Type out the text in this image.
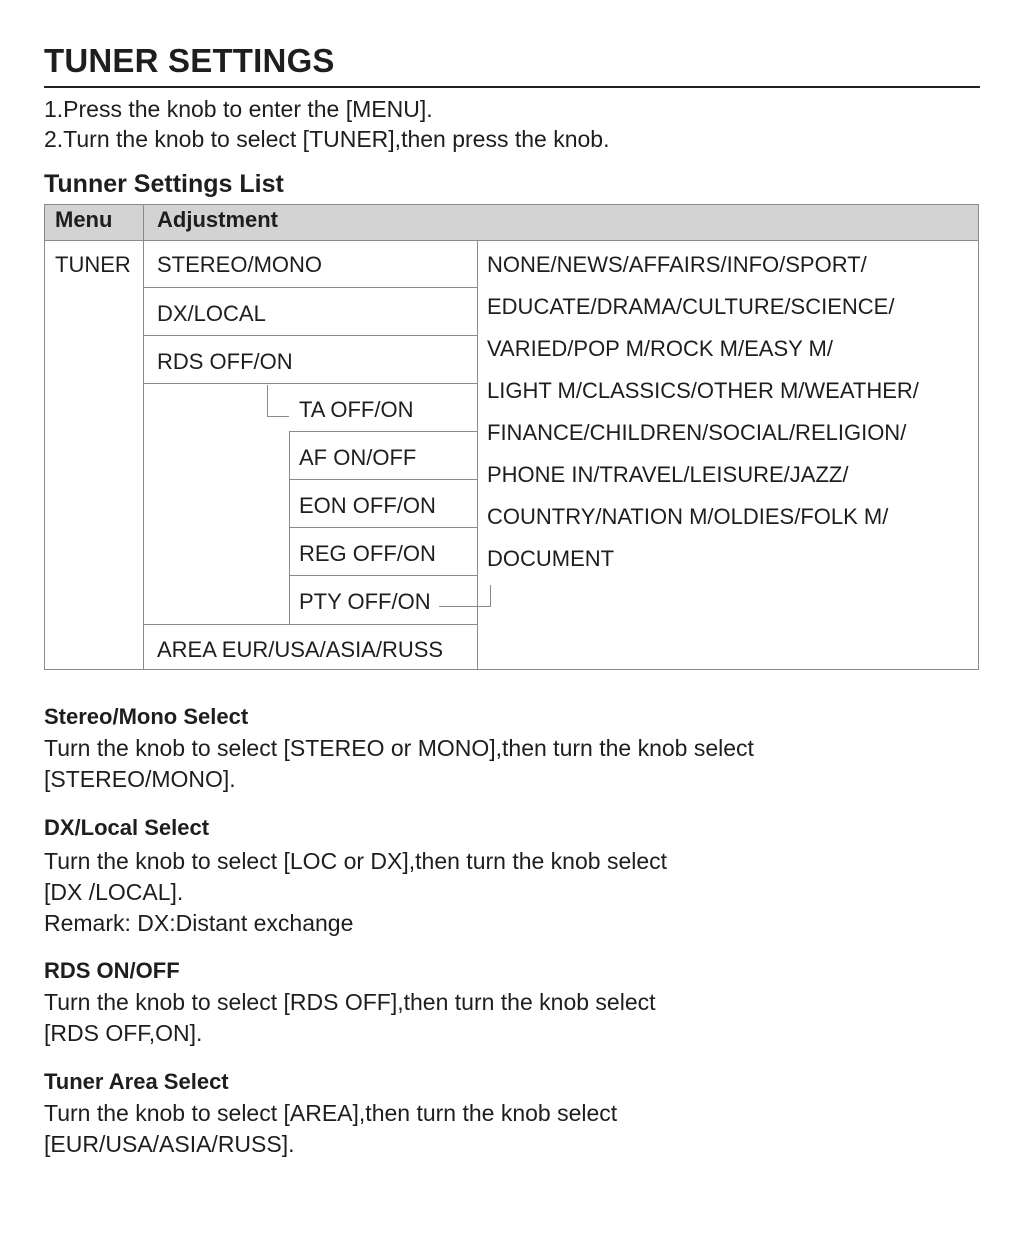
TUNER SETTINGS
1.Press the knob to enter the [MENU].
2.Turn the knob to select [TUNER],then press the knob.
Tunner Settings List
Menu Adjustment
TUNER STEREO/MONO
DX/LOCAL
RDS OFF/ON
TA OFF/ON
AF ON/OFF
EON OFF/ON
REG OFF/ON
PTY OFF/ON
AREA EUR/USA/ASIA/RUSS
NONE/NEWS/AFFAIRS/INFO/SPORT/
EDUCATE/DRAMA/CULTURE/SCIENCE/
VARIED/POP M/ROCK M/EASY M/
LIGHT M/CLASSICS/OTHER M/WEATHER/
FINANCE/CHILDREN/SOCIAL/RELIGION/
PHONE IN/TRAVEL/LEISURE/JAZZ/
COUNTRY/NATION M/OLDIES/FOLK M/
DOCUMENT
Stereo/Mono Select
Turn the knob to select [STEREO or MONO],then turn the knob select
[STEREO/MONO].
DX/Local Select
Turn the knob to select [LOC or DX],then turn the knob select
[DX /LOCAL].
Remark: DX:Distant exchange
RDS ON/OFF
Turn the knob to select [RDS OFF],then turn the knob select
[RDS OFF,ON].
Tuner Area Select
Turn the knob to select [AREA],then turn the knob select
[EUR/USA/ASIA/RUSS].
